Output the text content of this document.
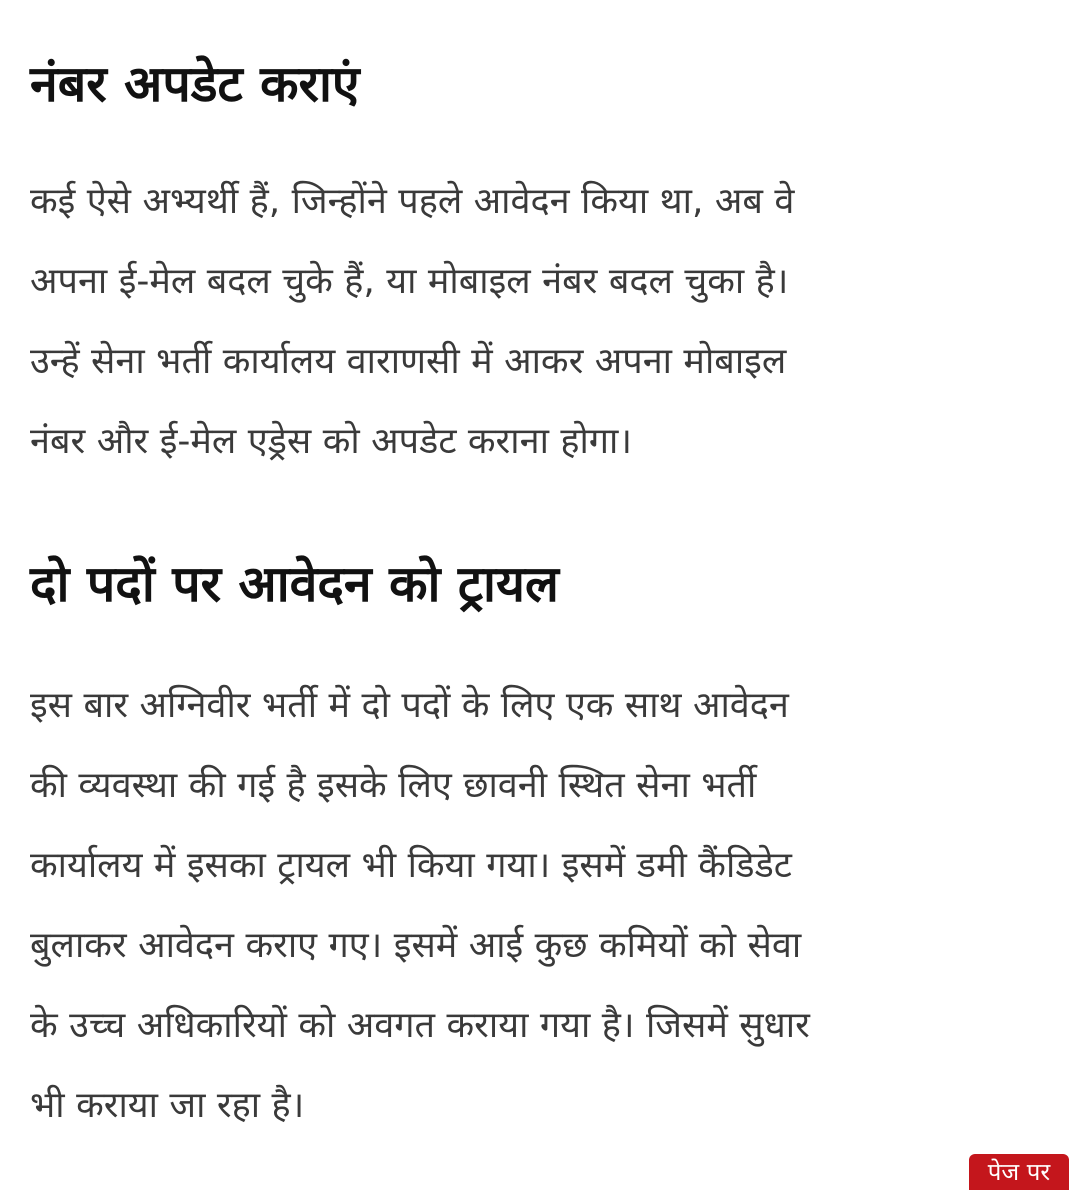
नंबर अपडेट कराएं

कई ऐसे अभ्यर्थी हैं, जिन्होंने पहले आवेदन किया था, अब वे
अपना ई-मेल बदल चुके हैं, या मोबाइल नंबर बदल चुका है।
उन्हें सेना भर्ती कार्यालय वाराणसी में आकर अपना मोबाइल
नंबर और ई-मेल एड्रेस को अपडेट कराना होगा।

दो पदों पर आवेदन को ट्रायल

इस बार अग्निवीर भर्ती में दो पदों के लिए एक साथ आवेदन
की व्यवस्था की गई है इसके लिए छावनी स्थित सेना भर्ती
कार्यालय में इसका ट्रायल भी किया गया। इसमें डमी कैंडिडेट
बुलाकर आवेदन कराए गए। इसमें आई कुछ कमियों को सेवा
के उच्च अधिकारियों को अवगत कराया गया है। जिसमें सुधार
भी कराया जा रहा है।

पेज पर
